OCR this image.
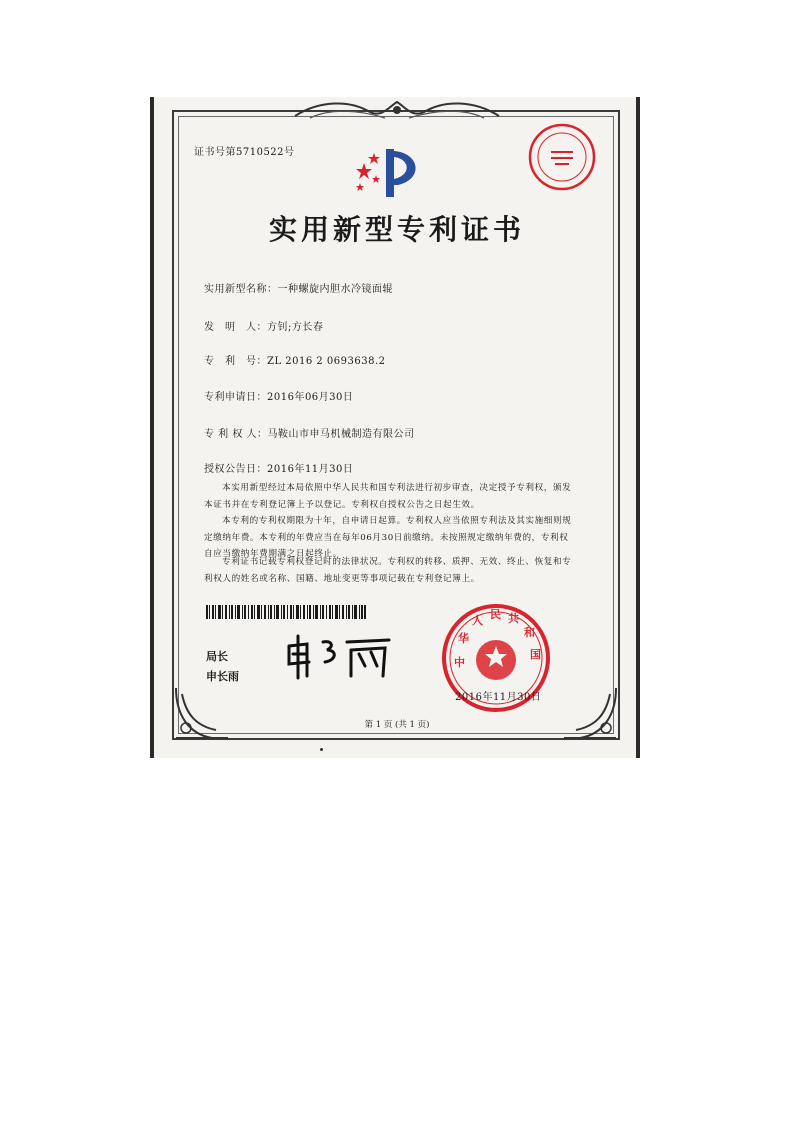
证书号第5710522号
实用新型专利证书
实用新型名称：一种螺旋内胆水冷镜面辊
发　明　人：方钊;方长春
专　利　号：ZL 2016 2 0693638.2
专利申请日：2016年06月30日
专 利 权 人：马鞍山市申马机械制造有限公司
授权公告日：2016年11月30日
本实用新型经过本局依照中华人民共和国专利法进行初步审查，决定授予专利权，颁发本证书并在专利登记簿上予以登记。专利权自授权公告之日起生效。
本专利的专利权期限为十年，自申请日起算。专利权人应当依照专利法及其实施细则规定缴纳年费。本专利的年费应当在每年06月30日前缴纳。未按照规定缴纳年费的，专利权自应当缴纳年费期满之日起终止。
专利证书记载专利权登记时的法律状况。专利权的转移、质押、无效、终止、恢复和专利权人的姓名或名称、国籍、地址变更等事项记载在专利登记簿上。
局长
申长雨
中
华
人 民 共
和
国
2016年11月30日
第 1 页 (共 1 页)
